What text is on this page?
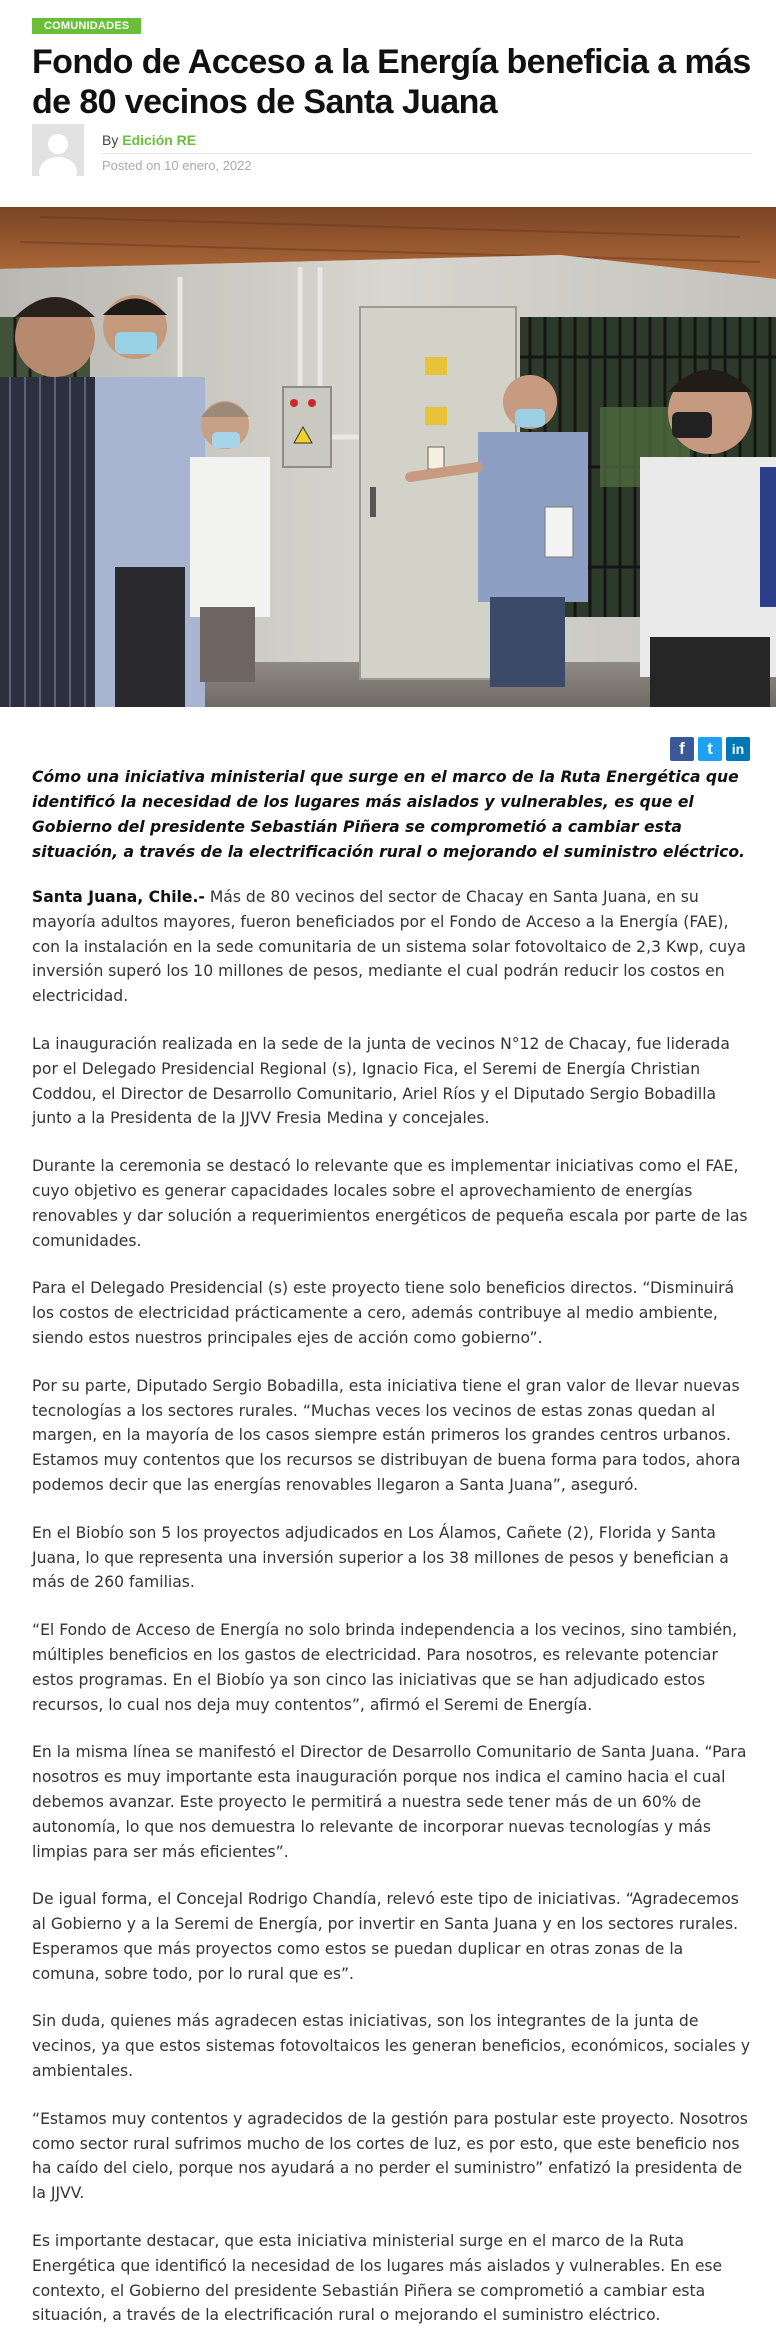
COMUNIDADES
Fondo de Acceso a la Energía beneficia a más de 80 vecinos de Santa Juana
By Edición RE
Posted on 10 enero, 2022
f t in

Cómo una iniciativa ministerial que surge en el marco de la Ruta Energética que identificó la necesidad de los lugares más aislados y vulnerables, es que el Gobierno del presidente Sebastián Piñera se comprometió a cambiar esta situación, a través de la electrificación rural o mejorando el suministro eléctrico.

Santa Juana, Chile.- Más de 80 vecinos del sector de Chacay en Santa Juana, en su mayoría adultos mayores, fueron beneficiados por el Fondo de Acceso a la Energía (FAE), con la instalación en la sede comunitaria de un sistema solar fotovoltaico de 2,3 Kwp, cuya inversión superó los 10 millones de pesos, mediante el cual podrán reducir los costos en electricidad.

La inauguración realizada en la sede de la junta de vecinos N°12 de Chacay, fue liderada por el Delegado Presidencial Regional (s), Ignacio Fica, el Seremi de Energía Christian Coddou, el Director de Desarrollo Comunitario, Ariel Ríos y el Diputado Sergio Bobadilla junto a la Presidenta de la JJVV Fresia Medina y concejales.

Durante la ceremonia se destacó lo relevante que es implementar iniciativas como el FAE, cuyo objetivo es generar capacidades locales sobre el aprovechamiento de energías renovables y dar solución a requerimientos energéticos de pequeña escala por parte de las comunidades.

Para el Delegado Presidencial (s) este proyecto tiene solo beneficios directos. “Disminuirá los costos de electricidad prácticamente a cero, además contribuye al medio ambiente, siendo estos nuestros principales ejes de acción como gobierno”.

Por su parte, Diputado Sergio Bobadilla, esta iniciativa tiene el gran valor de llevar nuevas tecnologías a los sectores rurales. “Muchas veces los vecinos de estas zonas quedan al margen, en la mayoría de los casos siempre están primeros los grandes centros urbanos. Estamos muy contentos que los recursos se distribuyan de buena forma para todos, ahora podemos decir que las energías renovables llegaron a Santa Juana”, aseguró.

En el Biobío son 5 los proyectos adjudicados en Los Álamos, Cañete (2), Florida y Santa Juana, lo que representa una inversión superior a los 38 millones de pesos y benefician a más de 260 familias.

“El Fondo de Acceso de Energía no solo brinda independencia a los vecinos, sino también, múltiples beneficios en los gastos de electricidad. Para nosotros, es relevante potenciar estos programas. En el Biobío ya son cinco las iniciativas que se han adjudicado estos recursos, lo cual nos deja muy contentos”, afirmó el Seremi de Energía.

En la misma línea se manifestó el Director de Desarrollo Comunitario de Santa Juana. “Para nosotros es muy importante esta inauguración porque nos indica el camino hacia el cual debemos avanzar. Este proyecto le permitirá a nuestra sede tener más de un 60% de autonomía, lo que nos demuestra lo relevante de incorporar nuevas tecnologías y más limpias para ser más eficientes”.

De igual forma, el Concejal Rodrigo Chandía, relevó este tipo de iniciativas. “Agradecemos al Gobierno y a la Seremi de Energía, por invertir en Santa Juana y en los sectores rurales. Esperamos que más proyectos como estos se puedan duplicar en otras zonas de la comuna, sobre todo, por lo rural que es”.

Sin duda, quienes más agradecen estas iniciativas, son los integrantes de la junta de vecinos, ya que estos sistemas fotovoltaicos les generan beneficios, económicos, sociales y ambientales.

“Estamos muy contentos y agradecidos de la gestión para postular este proyecto. Nosotros como sector rural sufrimos mucho de los cortes de luz, es por esto, que este beneficio nos ha caído del cielo, porque nos ayudará a no perder el suministro” enfatizó la presidenta de la JJVV.

Es importante destacar, que esta iniciativa ministerial surge en el marco de la Ruta Energética que identificó la necesidad de los lugares más aislados y vulnerables. En ese contexto, el Gobierno del presidente Sebastián Piñera se comprometió a cambiar esta situación, a través de la electrificación rural o mejorando el suministro eléctrico.
